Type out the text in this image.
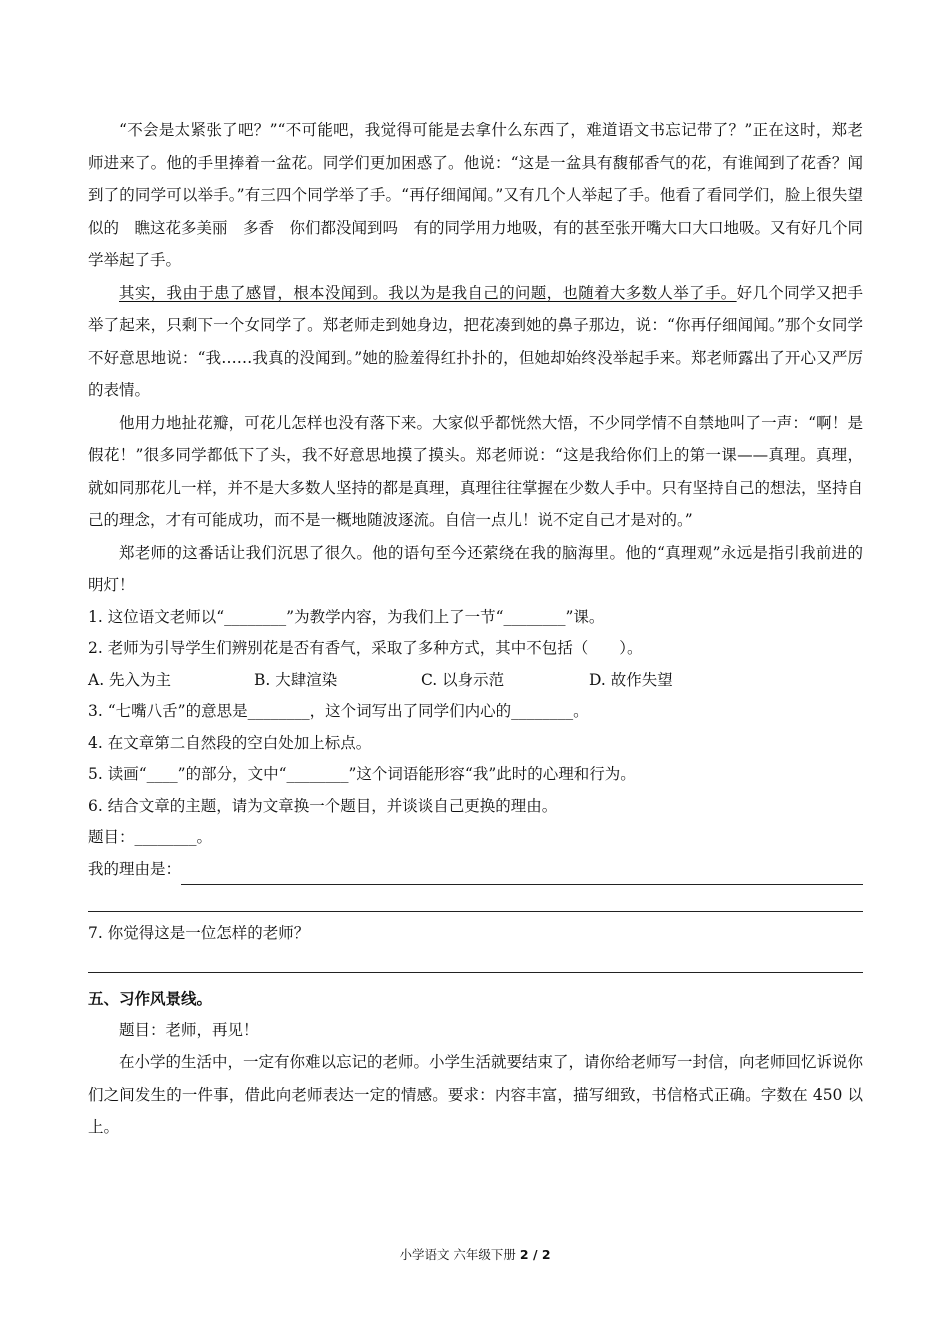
“不会是太紧张了吧？”“不可能吧，我觉得可能是去拿什么东西了，难道语文书忘记带了？”正在这时，郑老师进来了。他的手里捧着一盆花。同学们更加困惑了。他说：“这是一盆具有馥郁香气的花，有谁闻到了花香？闻到了的同学可以举手。”有三四个同学举了手。“再仔细闻闻。”又有几个人举起了手。他看了看同学们，脸上很失望似的　瞧这花多美丽　多香　你们都没闻到吗　有的同学用力地吸，有的甚至张开嘴大口大口地吸。又有好几个同学举起了手。

其实，我由于患了感冒，根本没闻到。我以为是我自己的问题，也随着大多数人举了手。好几个同学又把手举了起来，只剩下一个女同学了。郑老师走到她身边，把花凑到她的鼻子那边，说：“你再仔细闻闻。”那个女同学不好意思地说：“我……我真的没闻到。”她的脸羞得红扑扑的，但她却始终没举起手来。郑老师露出了开心又严厉的表情。

他用力地扯花瓣，可花儿怎样也没有落下来。大家似乎都恍然大悟，不少同学情不自禁地叫了一声：“啊！是假花！”很多同学都低下了头，我不好意思地摸了摸头。郑老师说：“这是我给你们上的第一课——真理。真理，就如同那花儿一样，并不是大多数人坚持的都是真理，真理往往掌握在少数人手中。只有坚持自己的想法，坚持自己的理念，才有可能成功，而不是一概地随波逐流。自信一点儿！说不定自己才是对的。”

郑老师的这番话让我们沉思了很久。他的语句至今还萦绕在我的脑海里。他的“真理观”永远是指引我前进的明灯！

1. 这位语文老师以“________”为教学内容，为我们上了一节“________”课。

2. 老师为引导学生们辨别花是否有香气，采取了多种方式，其中不包括（　　）。

A. 先入为主	B. 大肆渲染	C. 以身示范	D. 故作失望

3. “七嘴八舌”的意思是________，这个词写出了同学们内心的________。

4. 在文章第二自然段的空白处加上标点。

5. 读画“____”的部分，文中“________”这个词语能形容“我”此时的心理和行为。

6. 结合文章的主题，请为文章换一个题目，并谈谈自己更换的理由。

题目：________。

我的理由是：

7. 你觉得这是一位怎样的老师？

五、习作风景线。

题目：老师，再见！

在小学的生活中，一定有你难以忘记的老师。小学生活就要结束了，请你给老师写一封信，向老师回忆诉说你们之间发生的一件事，借此向老师表达一定的情感。要求：内容丰富，描写细致，书信格式正确。字数在 450 以上。

小学语文 六年级下册 2 / 2
